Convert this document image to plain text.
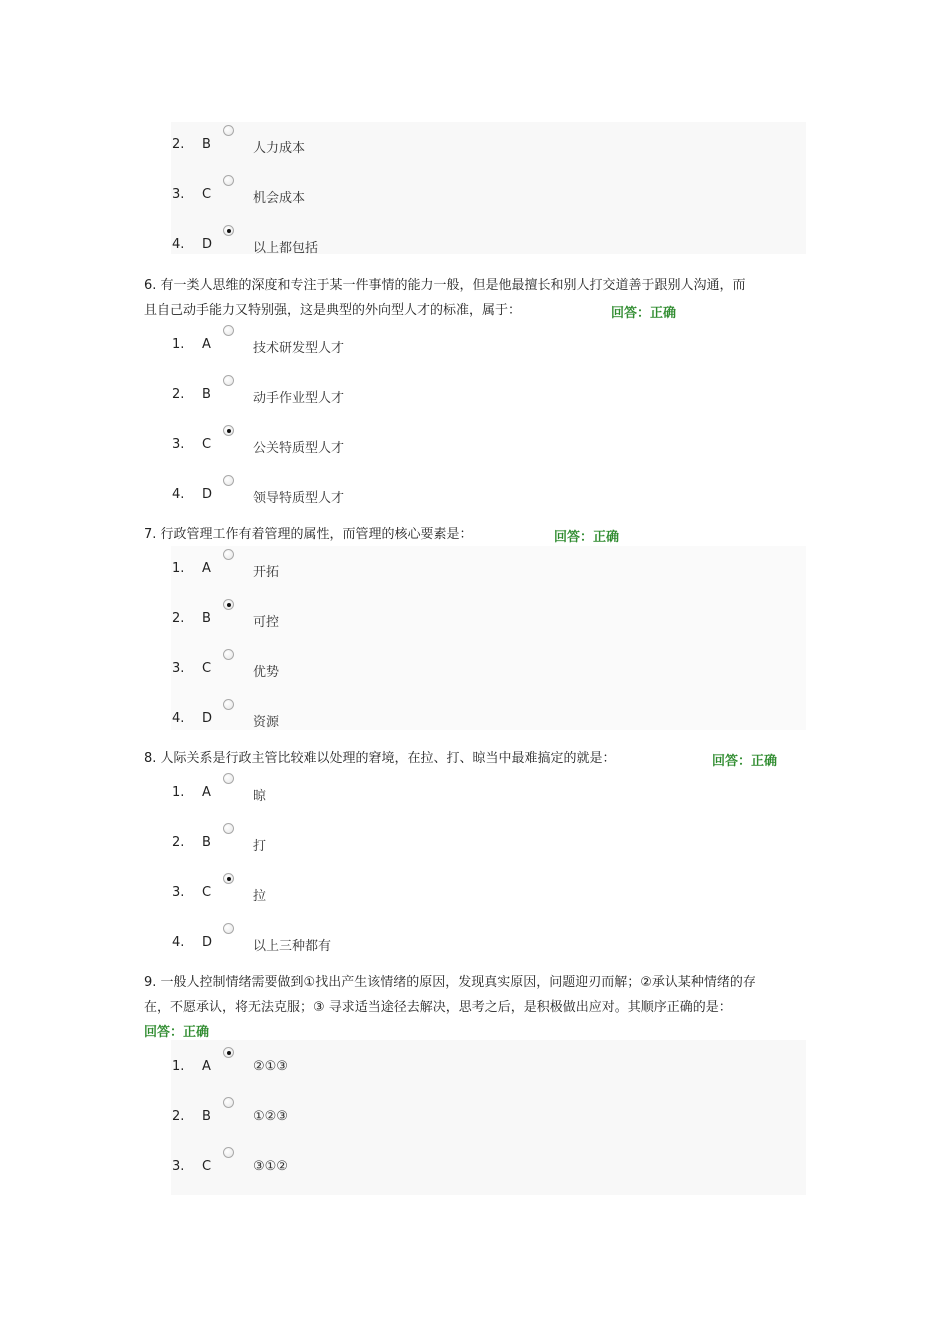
6. 有一类人思维的深度和专注于某一件事情的能力一般，但是他最擅长和别人打交道善于跟别人沟通，而
且自己动手能力又特别强，这是典型的外向型人才的标准，属于：	回答：正确
7. 行政管理工作有着管理的属性，而管理的核心要素是：	回答：正确
8. 人际关系是行政主管比较难以处理的窘境，在拉、打、晾当中最难搞定的就是：	回答：正确
9. 一般人控制情绪需要做到①找出产生该情绪的原因，发现真实原因，问题迎刃而解；②承认某种情绪的存
在，不愿承认，将无法克服；③ 寻求适当途径去解决，思考之后，是积极做出应对。其顺序正确的是：
回答：正确
2.	B	人力成本
3.	C	机会成本
4.	D	以上都包括
1.	A	技术研发型人才
2.	B	动手作业型人才
3.	C	公关特质型人才
4.	D	领导特质型人才
1.	A	开拓
2.	B	可控
3.	C	优势
4.	D	资源
1.	A	晾
2.	B	打
3.	C	拉
4.	D	以上三种都有
1.	A	②①③
2.	B	①②③
3.	C	③①②
